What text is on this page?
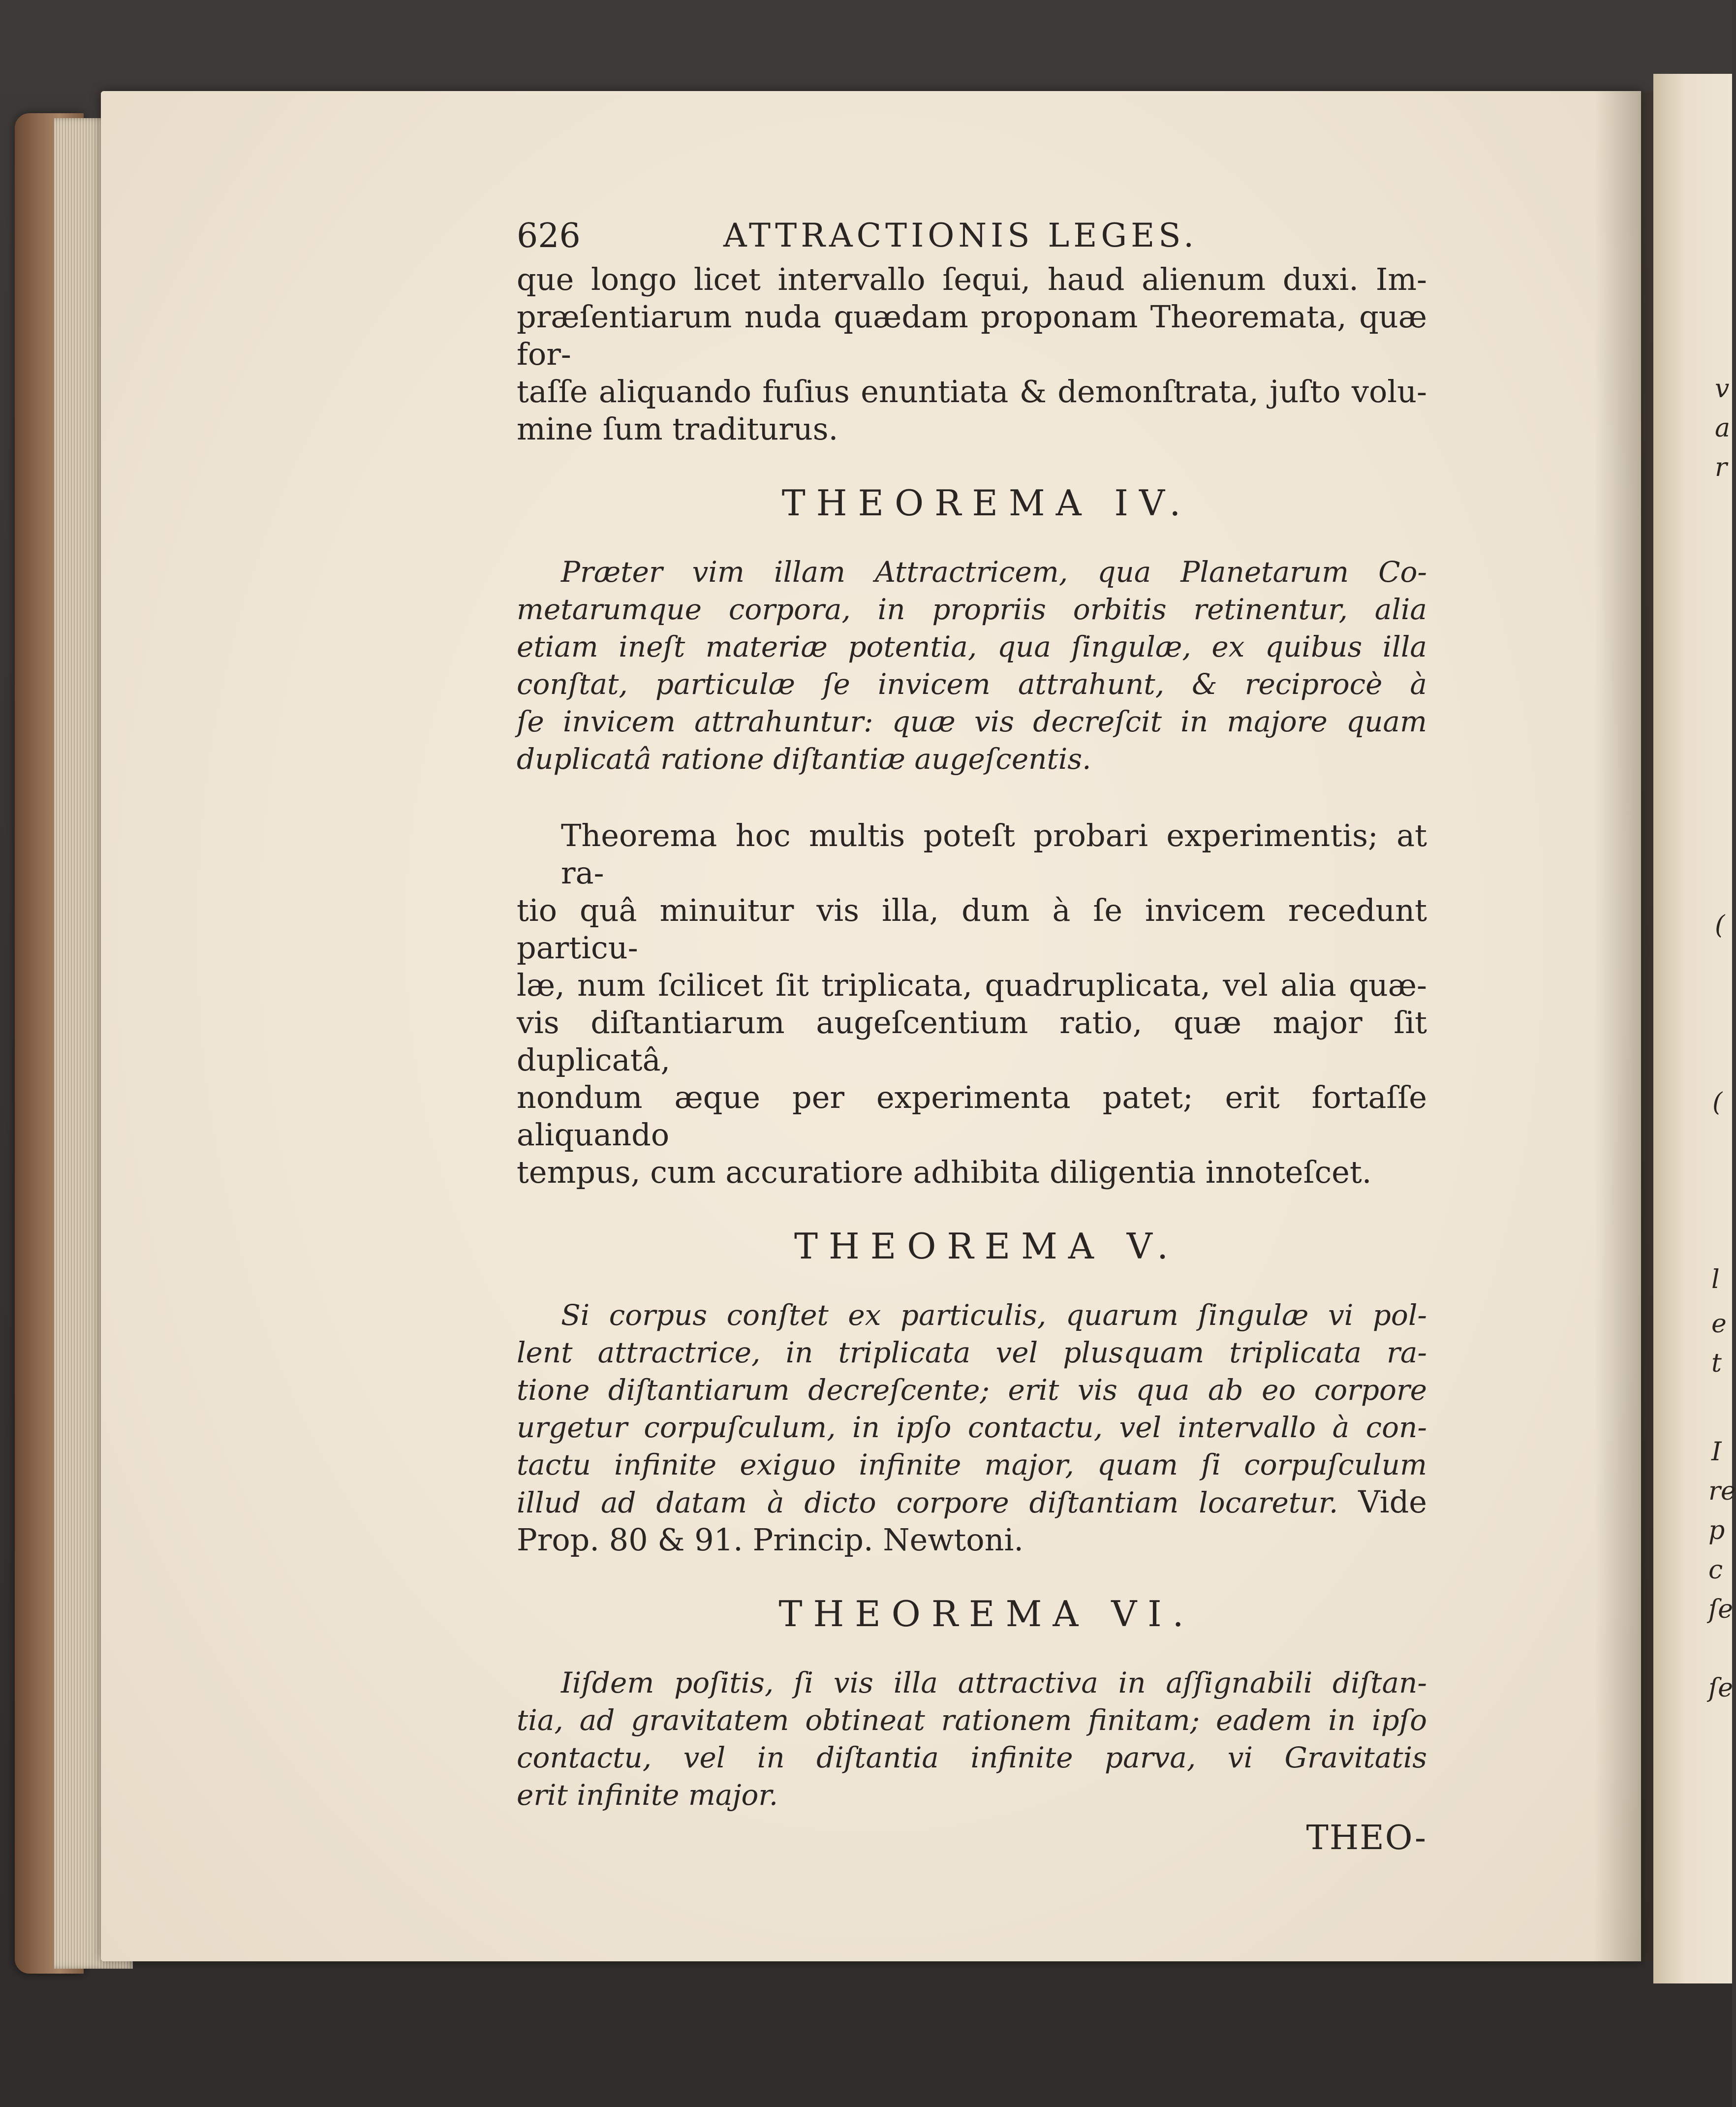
v
a
r
(
(
l
e
t
I
re
p
c
ſe
ſe
626	ATTRACTIONIS LEGES.
que longo licet intervallo ſequi, haud alienum duxi. Im-
præſentiarum nuda quædam proponam Theoremata, quæ for-
taſſe aliquando fuſius enuntiata & demonſtrata, juſto volu-
mine ſum traditurus.

THEOREMA IV.

Præter vim illam Attractricem, qua Planetarum Co-
metarumque corpora, in propriis orbitis retinentur, alia
etiam ineſt materiæ potentia, qua ſingulæ, ex quibus illa
conſtat, particulæ ſe invicem attrahunt, & reciprocè à
ſe invicem attrahuntur: quæ vis decreſcit in majore quam
duplicatâ ratione diſtantiæ augeſcentis.
Theorema hoc multis poteſt probari experimentis; at ra-
tio quâ minuitur vis illa, dum à ſe invicem recedunt particu-
læ, num ſcilicet ſit triplicata, quadruplicata, vel alia quæ-
vis diſtantiarum augeſcentium ratio, quæ major ſit duplicatâ,
nondum æque per experimenta patet; erit fortaſſe aliquando
tempus, cum accuratiore adhibita diligentia innoteſcet.

THEOREMA V.

Si corpus conſtet ex particulis, quarum ſingulæ vi pol-
lent attractrice, in triplicata vel plusquam triplicata ra-
tione diſtantiarum decreſcente; erit vis qua ab eo corpore
urgetur corpuſculum, in ipſo contactu, vel intervallo à con-
tactu infinite exiguo infinite major, quam ſi corpuſculum
illud ad datam à dicto corpore diſtantiam locaretur. Vide
Prop. 80 & 91. Princip. Newtoni.

THEOREMA VI.

Iiſdem poſitis, ſi vis illa attractiva in aſſignabili diſtan-
tia, ad gravitatem obtineat rationem finitam; eadem in ipſo
contactu, vel in diſtantia infinite parva, vi Gravitatis
erit infinite major.
THEO-
